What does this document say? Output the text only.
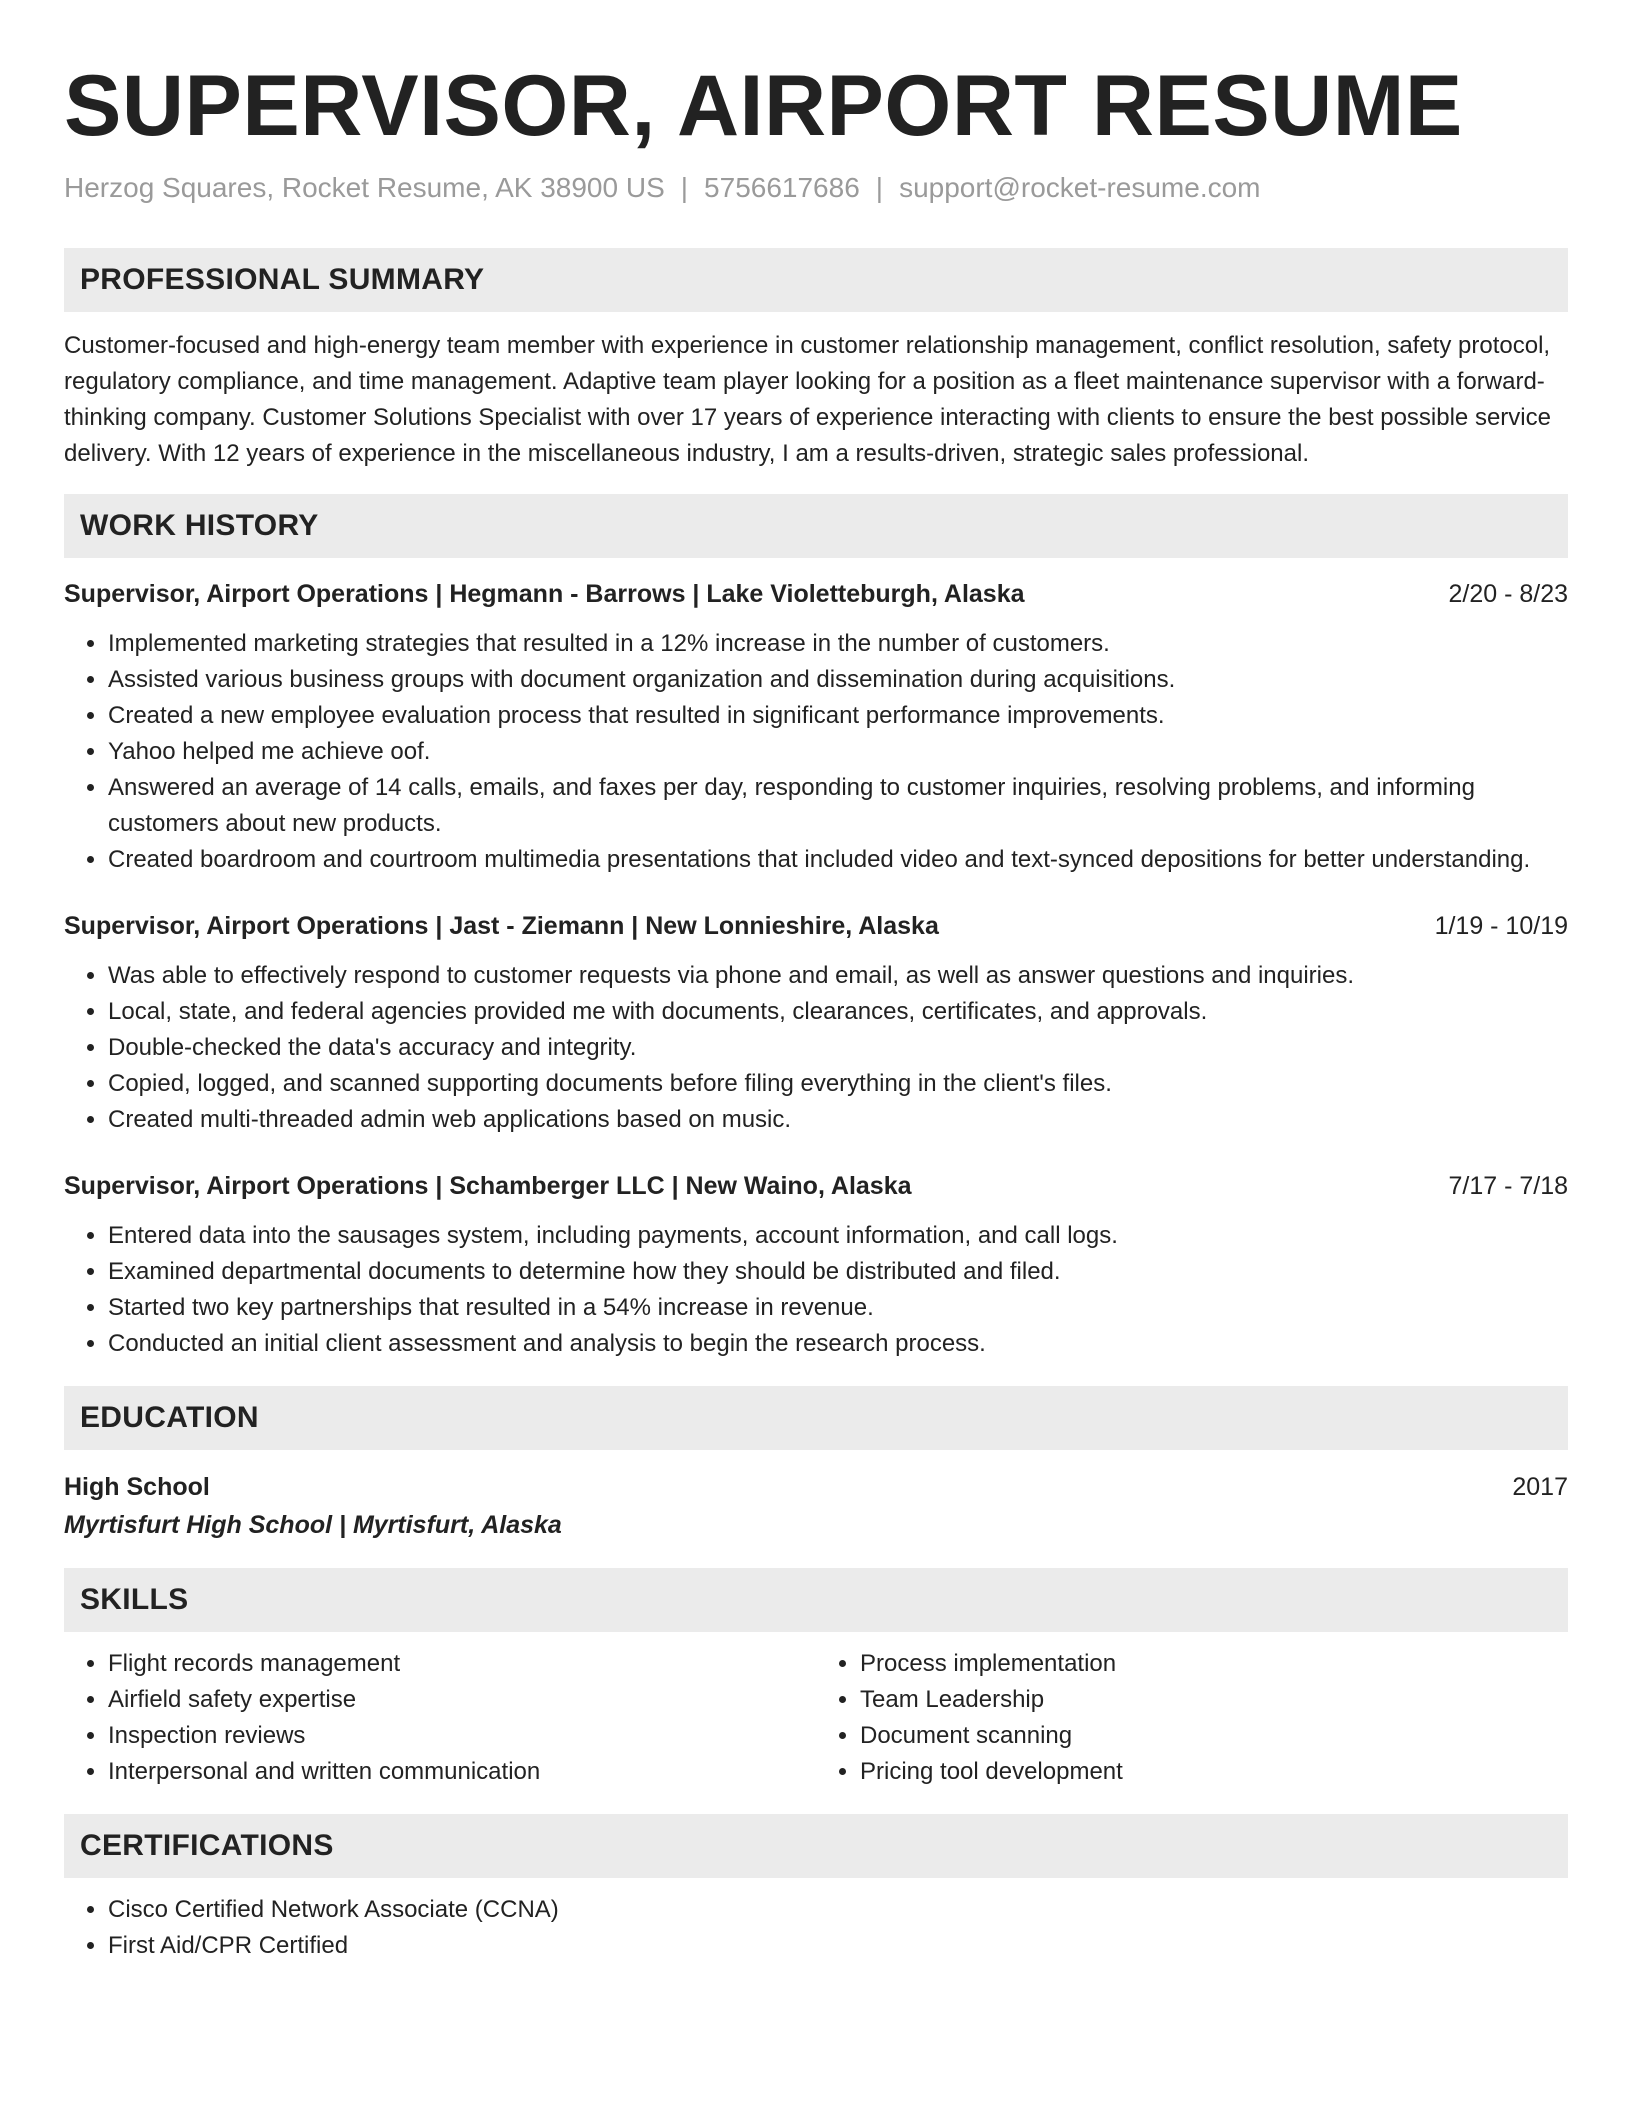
SUPERVISOR, AIRPORT RESUME
Herzog Squares, Rocket Resume, AK 38900 US | 5756617686 | support@rocket-resume.com
PROFESSIONAL SUMMARY

Customer-focused and high-energy team member with experience in customer relationship management, conflict resolution, safety protocol, regulatory compliance, and time management. Adaptive team player looking for a position as a fleet maintenance supervisor with a forward-thinking company. Customer Solutions Specialist with over 17 years of experience interacting with clients to ensure the best possible service delivery. With 12 years of experience in the miscellaneous industry, I am a results-driven, strategic sales professional.

WORK HISTORY
Supervisor, Airport Operations | Hegmann - Barrows | Lake Violetteburgh, Alaska	2/20 - 8/23
• Implemented marketing strategies that resulted in a 12% increase in the number of customers.
• Assisted various business groups with document organization and dissemination during acquisitions.
• Created a new employee evaluation process that resulted in significant performance improvements.
• Yahoo helped me achieve oof.
• Answered an average of 14 calls, emails, and faxes per day, responding to customer inquiries, resolving problems, and informing customers about new products.
• Created boardroom and courtroom multimedia presentations that included video and text-synced depositions for better understanding.
Supervisor, Airport Operations | Jast - Ziemann | New Lonnieshire, Alaska	1/19 - 10/19
• Was able to effectively respond to customer requests via phone and email, as well as answer questions and inquiries.
• Local, state, and federal agencies provided me with documents, clearances, certificates, and approvals.
• Double-checked the data's accuracy and integrity.
• Copied, logged, and scanned supporting documents before filing everything in the client's files.
• Created multi-threaded admin web applications based on music.
Supervisor, Airport Operations | Schamberger LLC | New Waino, Alaska	7/17 - 7/18
• Entered data into the sausages system, including payments, account information, and call logs.
• Examined departmental documents to determine how they should be distributed and filed.
• Started two key partnerships that resulted in a 54% increase in revenue.
• Conducted an initial client assessment and analysis to begin the research process.
EDUCATION
High School	2017
Myrtisfurt High School | Myrtisfurt, Alaska
SKILLS
• Flight records management
• Airfield safety expertise
• Inspection reviews
• Interpersonal and written communication
• Process implementation
• Team Leadership
• Document scanning
• Pricing tool development
CERTIFICATIONS
• Cisco Certified Network Associate (CCNA)
• First Aid/CPR Certified
